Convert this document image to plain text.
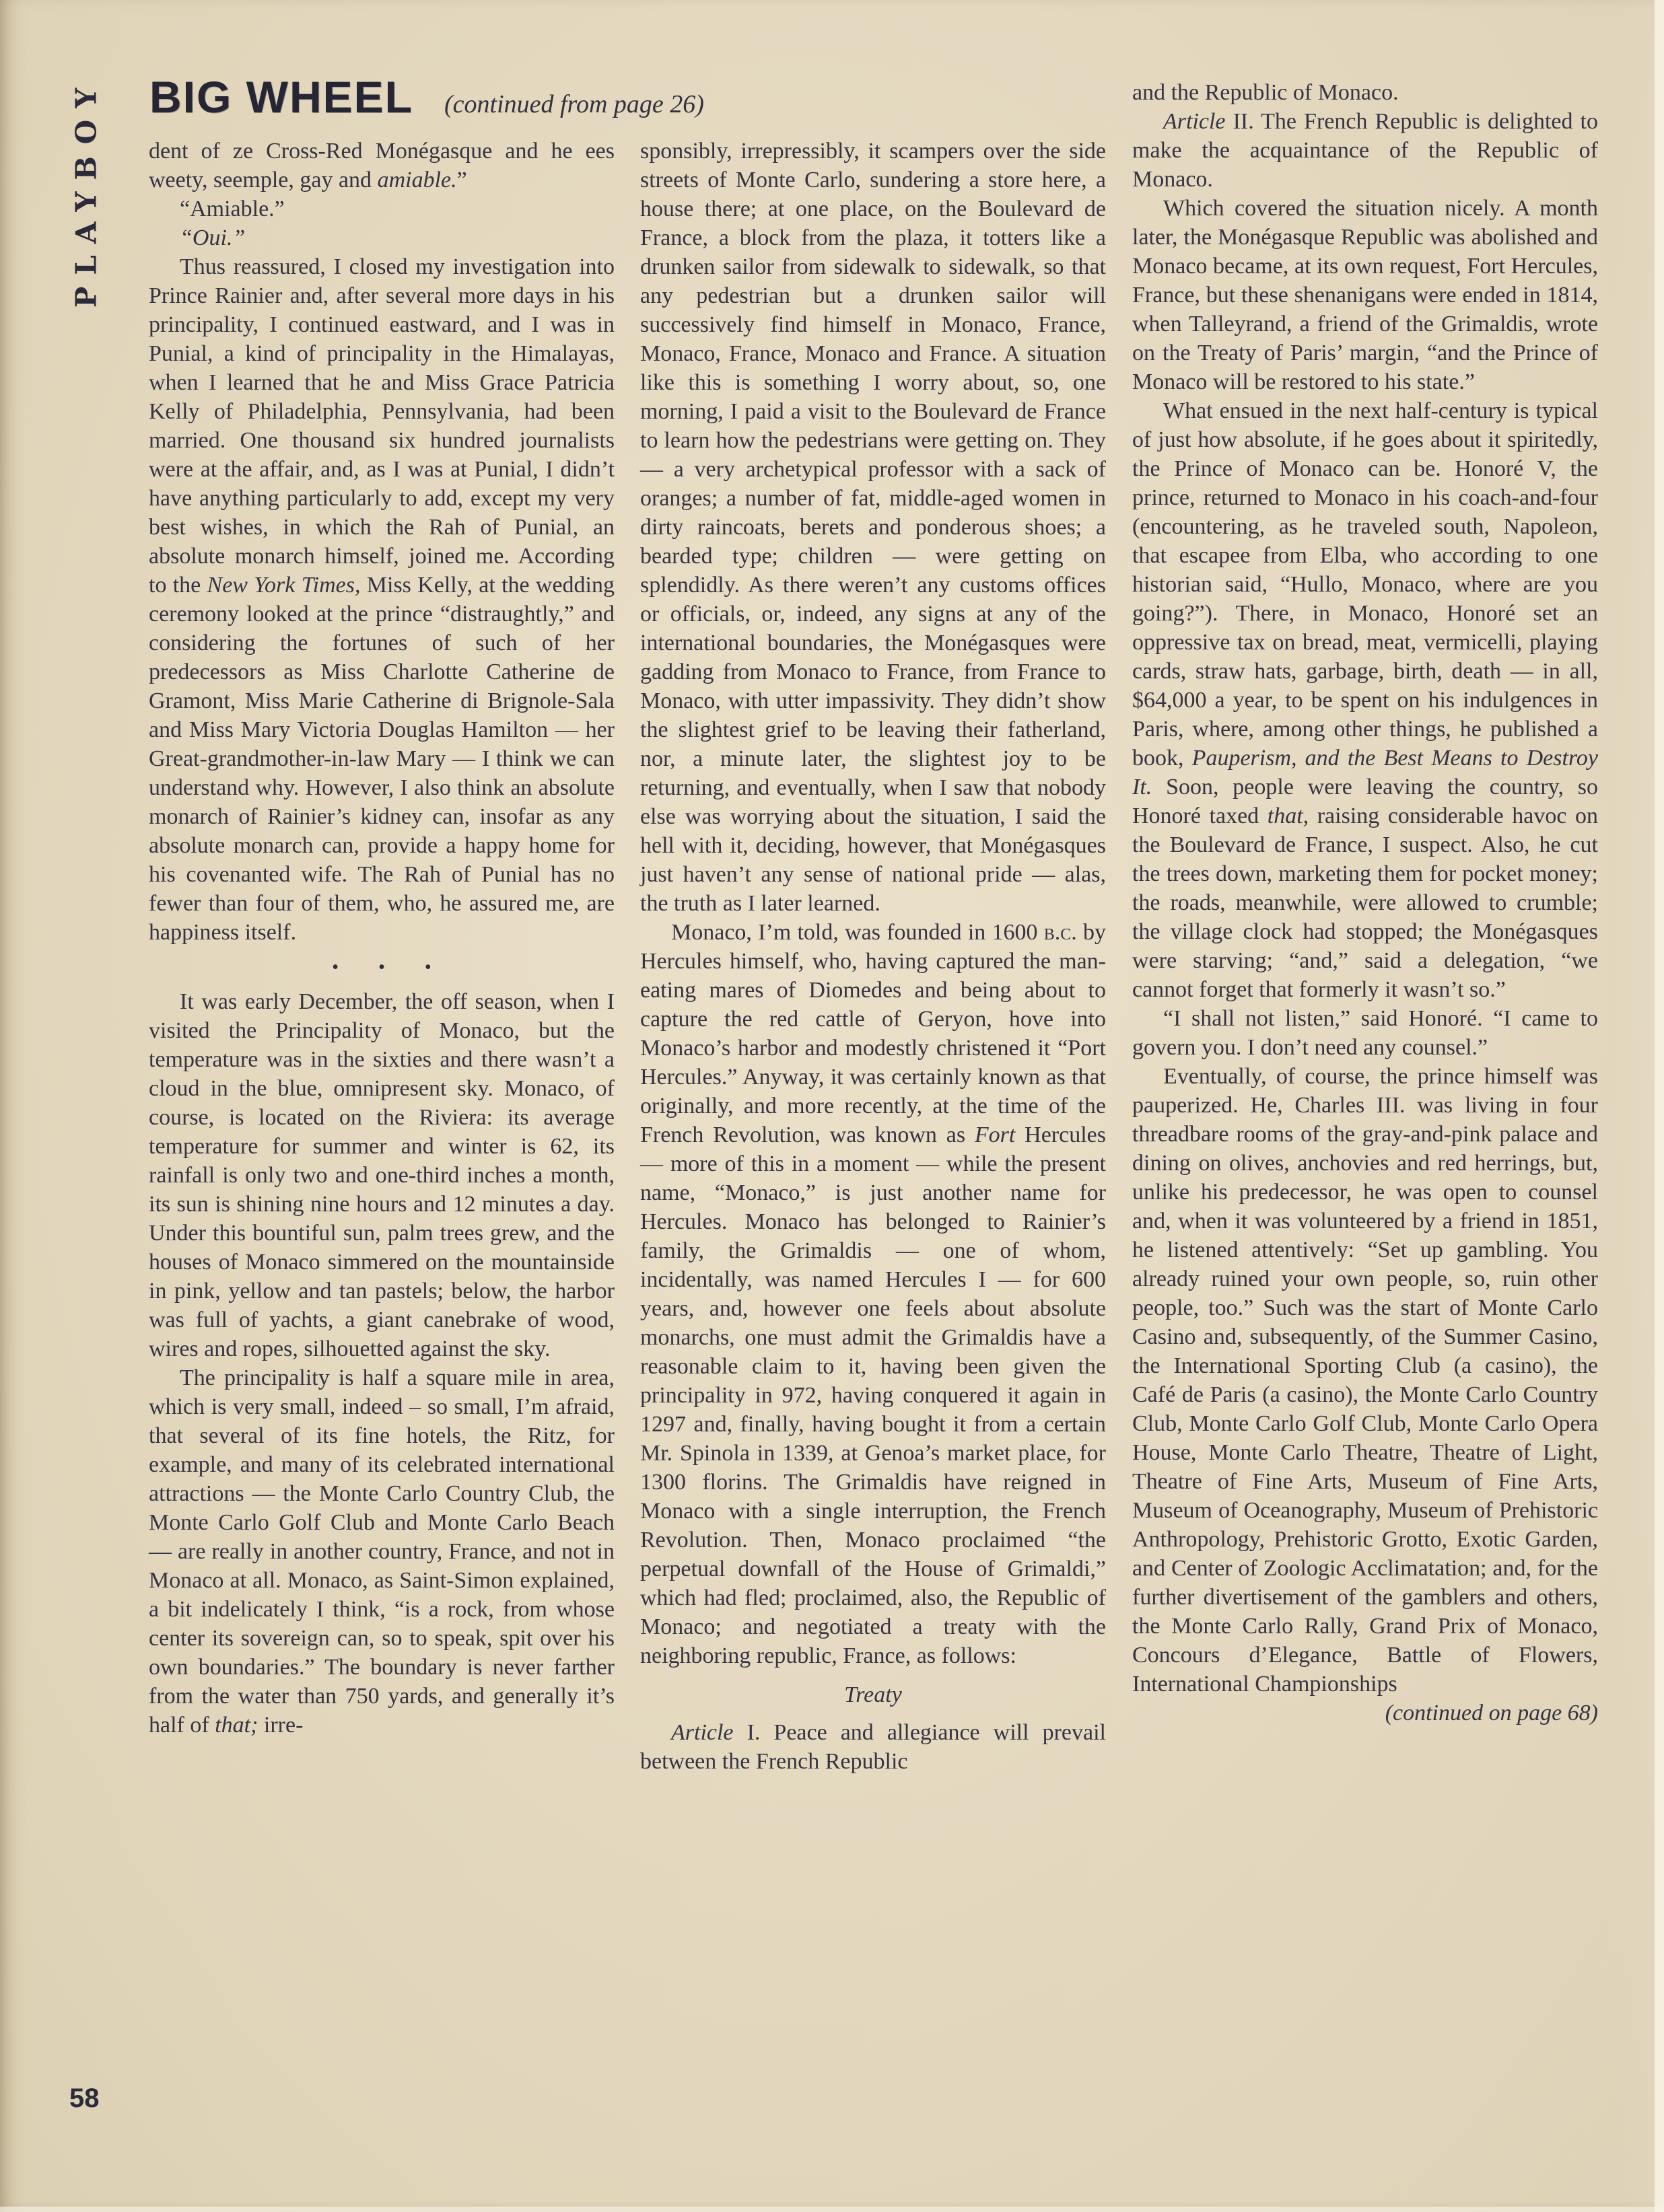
PLAYBOY BIG WHEEL (continued from page 26)

dent of ze Cross-Red Monégasque and he ees weety, seemple, gay and amiable.”

“Amiable.”

“Oui.”

Thus reassured, I closed my investigation into Prince Rainier and, after several more days in his principality, I continued eastward, and I was in Punial, a kind of principality in the Himalayas, when I learned that he and Miss Grace Patricia Kelly of Philadelphia, Pennsylvania, had been married. One thousand six hundred journalists were at the affair, and, as I was at Punial, I didn’t have anything particularly to add, except my very best wishes, in which the Rah of Punial, an absolute monarch himself, joined me. According to the New York Times, Miss Kelly, at the wedding ceremony looked at the prince “distraughtly,” and considering the fortunes of such of her predecessors as Miss Charlotte Catherine de Gramont, Miss Marie Catherine di Brignole-Sala and Miss Mary Victoria Douglas Hamilton — her Great-grandmother-in-law Mary — I think we can understand why. However, I also think an absolute monarch of Rainier’s kidney can, insofar as any absolute monarch can, provide a happy home for his covenanted wife. The Rah of Punial has no fewer than four of them, who, he assured me, are happiness itself.

• • •

It was early December, the off season, when I visited the Principality of Monaco, but the temperature was in the sixties and there wasn’t a cloud in the blue, omnipresent sky. Monaco, of course, is located on the Riviera: its average temperature for summer and winter is 62, its rainfall is only two and one-third inches a month, its sun is shining nine hours and 12 minutes a day. Under this bountiful sun, palm trees grew, and the houses of Monaco simmered on the mountainside in pink, yellow and tan pastels; below, the harbor was full of yachts, a giant canebrake of wood, wires and ropes, silhouetted against the sky.

The principality is half a square mile in area, which is very small, indeed – so small, I’m afraid, that several of its fine hotels, the Ritz, for example, and many of its celebrated international attractions — the Monte Carlo Country Club, the Monte Carlo Golf Club and Monte Carlo Beach — are really in another country, France, and not in Monaco at all. Monaco, as Saint-Simon explained, a bit indelicately I think, “is a rock, from whose center its sovereign can, so to speak, spit over his own boundaries.” The boundary is never farther from the water than 750 yards, and generally it’s half of that; irre-

sponsibly, irrepressibly, it scampers over the side streets of Monte Carlo, sundering a store here, a house there; at one place, on the Boulevard de France, a block from the plaza, it totters like a drunken sailor from sidewalk to sidewalk, so that any pedestrian but a drunken sailor will successively find himself in Monaco, France, Monaco, France, Monaco and France. A situation like this is something I worry about, so, one morning, I paid a visit to the Boulevard de France to learn how the pedestrians were getting on. They — a very archetypical professor with a sack of oranges; a number of fat, middle-aged women in dirty raincoats, berets and ponderous shoes; a bearded type; children — were getting on splendidly. As there weren’t any customs offices or officials, or, indeed, any signs at any of the international boundaries, the Monégasques were gadding from Monaco to France, from France to Monaco, with utter impassivity. They didn’t show the slightest grief to be leaving their fatherland, nor, a minute later, the slightest joy to be returning, and eventually, when I saw that nobody else was worrying about the situation, I said the hell with it, deciding, however, that Monégasques just haven’t any sense of national pride — alas, the truth as I later learned.

Monaco, I’m told, was founded in 1600 b.c. by Hercules himself, who, having captured the man-eating mares of Diomedes and being about to capture the red cattle of Geryon, hove into Monaco’s harbor and modestly christened it “Port Hercules.” Anyway, it was certainly known as that originally, and more recently, at the time of the French Revolution, was known as Fort Hercules — more of this in a moment — while the present name, “Monaco,” is just another name for Hercules. Monaco has belonged to Rainier’s family, the Grimaldis — one of whom, incidentally, was named Hercules I — for 600 years, and, however one feels about absolute monarchs, one must admit the Grimaldis have a reasonable claim to it, having been given the principality in 972, having conquered it again in 1297 and, finally, having bought it from a certain Mr. Spinola in 1339, at Genoa’s market place, for 1300 florins. The Grimaldis have reigned in Monaco with a single interruption, the French Revolution. Then, Monaco proclaimed “the perpetual downfall of the House of Grimaldi,” which had fled; proclaimed, also, the Republic of Monaco; and negotiated a treaty with the neighboring republic, France, as follows:

Treaty

Article I. Peace and allegiance will prevail between the French Republic

and the Republic of Monaco.

Article II. The French Republic is delighted to make the acquaintance of the Republic of Monaco.

Which covered the situation nicely. A month later, the Monégasque Republic was abolished and Monaco became, at its own request, Fort Hercules, France, but these shenanigans were ended in 1814, when Talleyrand, a friend of the Grimaldis, wrote on the Treaty of Paris’ margin, “and the Prince of Monaco will be restored to his state.”

What ensued in the next half-century is typical of just how absolute, if he goes about it spiritedly, the Prince of Monaco can be. Honoré V, the prince, returned to Monaco in his coach-and-four (encountering, as he traveled south, Napoleon, that escapee from Elba, who according to one historian said, “Hullo, Monaco, where are you going?”). There, in Monaco, Honoré set an oppressive tax on bread, meat, vermicelli, playing cards, straw hats, garbage, birth, death — in all, $64,000 a year, to be spent on his indulgences in Paris, where, among other things, he published a book, Pauperism, and the Best Means to Destroy It. Soon, people were leaving the country, so Honoré taxed that, raising considerable havoc on the Boulevard de France, I suspect. Also, he cut the trees down, marketing them for pocket money; the roads, meanwhile, were allowed to crumble; the village clock had stopped; the Monégasques were starving; “and,” said a delegation, “we cannot forget that formerly it wasn’t so.”

“I shall not listen,” said Honoré. “I came to govern you. I don’t need any counsel.”

Eventually, of course, the prince himself was pauperized. He, Charles III. was living in four threadbare rooms of the gray-and-pink palace and dining on olives, anchovies and red herrings, but, unlike his predecessor, he was open to counsel and, when it was volunteered by a friend in 1851, he listened attentively: “Set up gambling. You already ruined your own people, so, ruin other people, too.” Such was the start of Monte Carlo Casino and, subsequently, of the Summer Casino, the International Sporting Club (a casino), the Café de Paris (a casino), the Monte Carlo Country Club, Monte Carlo Golf Club, Monte Carlo Opera House, Monte Carlo Theatre, Theatre of Light, Theatre of Fine Arts, Museum of Fine Arts, Museum of Oceanography, Museum of Prehistoric Anthropology, Prehistoric Grotto, Exotic Garden, and Center of Zoologic Acclimatation; and, for the further divertisement of the gamblers and others, the Monte Carlo Rally, Grand Prix of Monaco, Concours d’Elegance, Battle of Flowers, International Championships

(continued on page 68)

58
